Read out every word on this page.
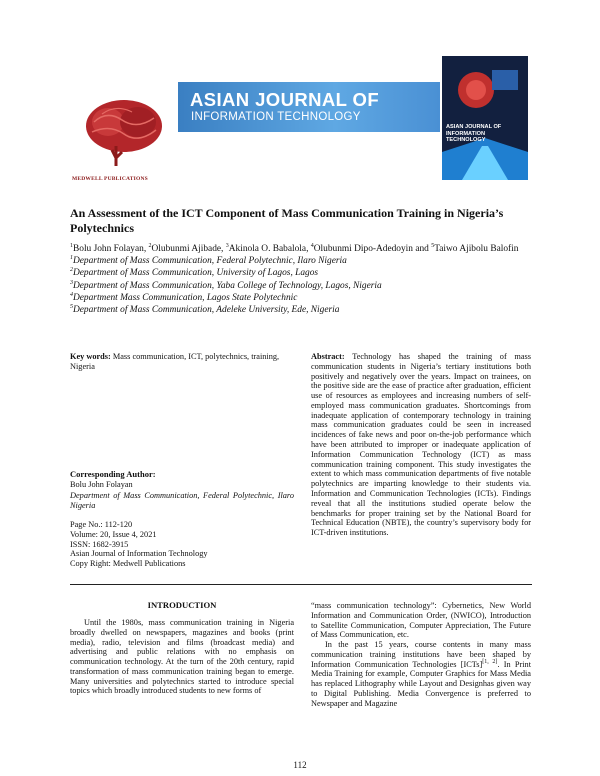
MEDWELL PUBLICATIONS
ASIAN JOURNAL OF
INFORMATION TECHNOLOGY
ASIAN JOURNAL OF
INFORMATION TECHNOLOGY
An Assessment of the ICT Component of Mass Communication Training in Nigeria’s Polytechnics
$^1$Bolu John Folayan, $^2$Olubunmi Ajibade, $^3$Akinola O. Babalola, $^4$Olubunmi Dipo-Adedoyin and $^5$Taiwo Ajibolu Balofin
$^1$Department of Mass Communication, Federal Polytechnic, Ilaro Nigeria
$^2$Department of Mass Communication, University of Lagos, Lagos
$^3$Department of Mass Communication, Yaba College of Technology, Lagos, Nigeria
$^4$Department Mass Communication, Lagos State Polytechnic
$^5$Department of Mass Communication, Adeleke University, Ede, Nigeria
Key words: Mass communication, ICT, polytechnics, training, Nigeria
Corresponding Author:
Bolu John Folayan
Department of Mass Communication, Federal Polytechnic, Ilaro Nigeria
Page No.: 112-120
Volume: 20, Issue 4, 2021
ISSN: 1682-3915
Asian Journal of Information Technology
Copy Right: Medwell Publications
Abstract: Technology has shaped the training of mass communication students in Nigeria’s tertiary institutions both positively and negatively over the years. Impact on trainees, on the positive side are the ease of practice after graduation, efficient use of resources as employees and increasing numbers of self-employed mass communication graduates. Shortcomings from inadequate application of contemporary technology in training mass communication graduates could be seen in increased incidences of fake news and poor on-the-job performance which have been attributed to improper or inadequate application of Information Communication Technology (ICT) as mass communication training component. This study investigates the extent to which mass communication departments of five notable polytechnics are imparting knowledge to their students via. Information and Communication Technologies (ICTs). Findings reveal that all the institutions studied operate below the benchmarks for proper training set by the National Board for Technical Education (NBTE), the country’s supervisory body for ICT-driven institutions.
INTRODUCTION
Until the 1980s, mass communication training in Nigeria broadly dwelled on newspapers, magazines and books (print media), radio, television and films (broadcast media) and advertising and public relations with no emphasis on communication technology. At the turn of the 20th century, rapid transformation of mass communication training began to emerge. Many universities and polytechnics started to introduce special topics which broadly introduced students to new forms of
“mass communication technology”: Cybernetics, New World Information and Communication Order, (NWICO), Introduction to Satellite Communication, Computer Appreciation, The Future of Mass Communication, etc.
In the past 15 years, course contents in many mass communication training institutions have been shaped by Information Communication Technologies [ICTs][1, 2]. In Print Media Training for example, Computer Graphics for Mass Media has replaced Lithography while Layout and Designhas given way to Digital Publishing. Media Convergence is preferred to Newspaper and Magazine
112
